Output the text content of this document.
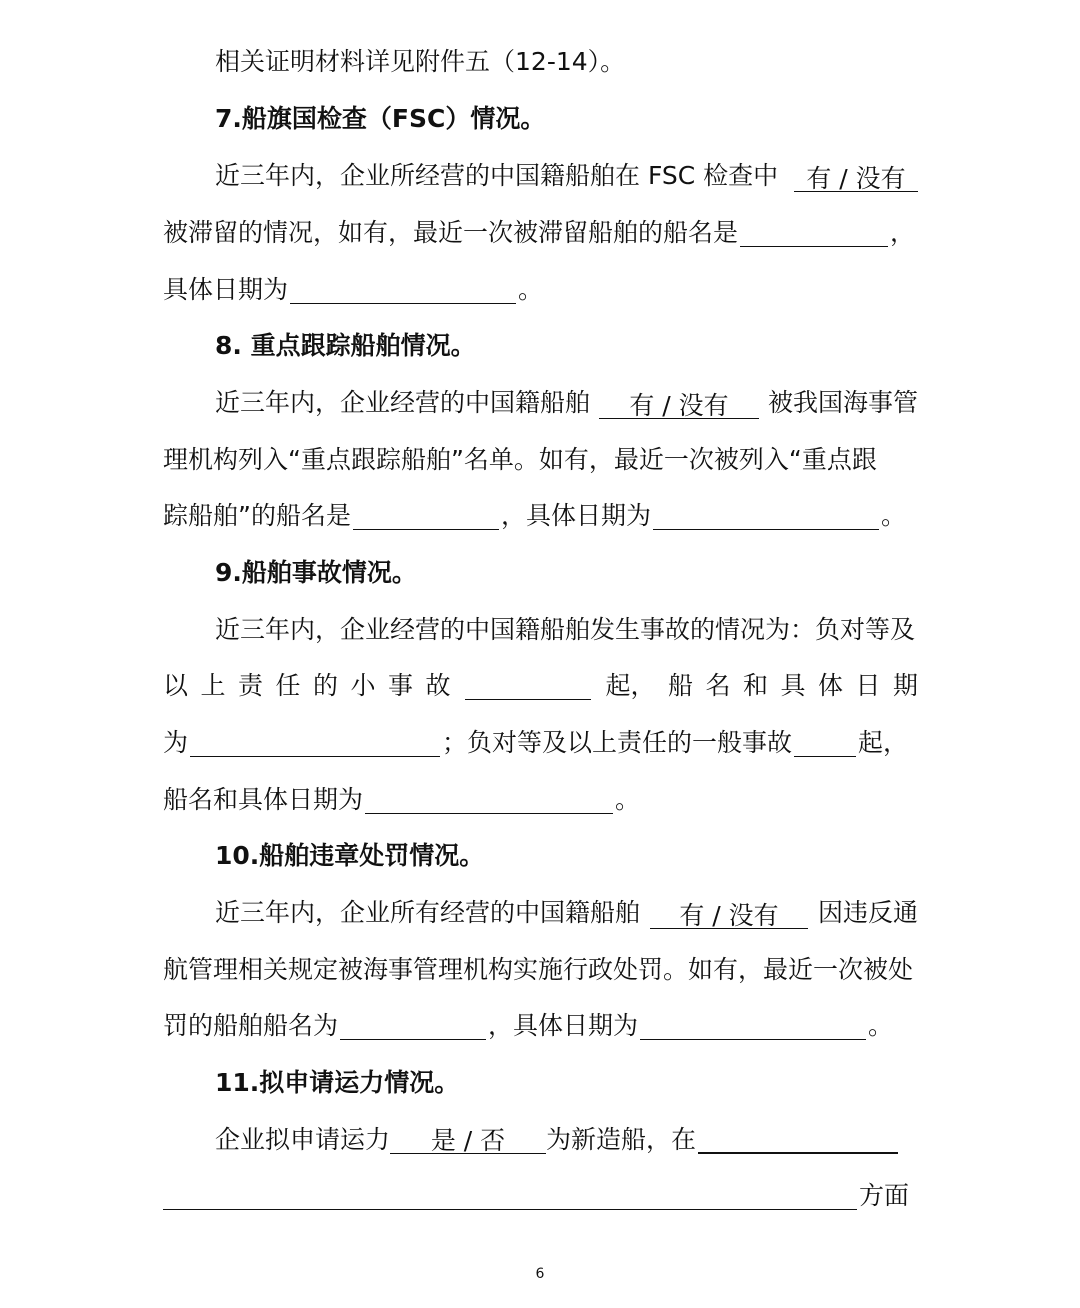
相关证明材料详见附件五（12-14）。
7.船旗国检查（FSC）情况。
近三年内，企业所经营的中国籍船舶在 FSC 检查中	有 / 没有
被滞留的情况，如有，最近一次被滞留船舶的船名是	，
具体日期为	。
8. 重点跟踪船舶情况。
近三年内，企业经营的中国籍船舶	有 / 没有	被我国海事管
理机构列入“重点跟踪船舶”名单。如有，最近一次被列入“重点跟
踪船舶”的船名是	，具体日期为	。
9.船舶事故情况。
近三年内，企业经营的中国籍船舶发生事故的情况为：负对等及
以 上 责 任 的 小 事 故	起， 船 名 和 具 体 日 期
为	；负对等及以上责任的一般事故	起，
船名和具体日期为	。
10.船舶违章处罚情况。
近三年内，企业所有经营的中国籍船舶	有 / 没有	因违反通
航管理相关规定被海事管理机构实施行政处罚。如有，最近一次被处
罚的船舶船名为	，具体日期为	。
11.拟申请运力情况。
企业拟申请运力 是 / 否 为新造船，在
方面
6
